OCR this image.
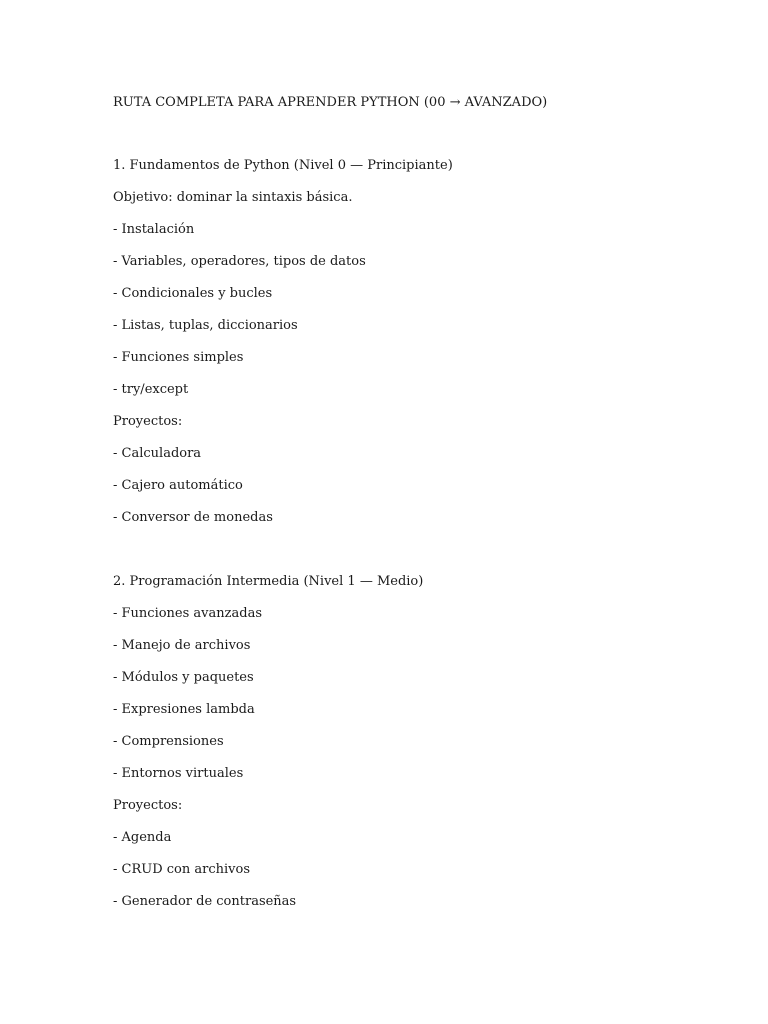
RUTA COMPLETA PARA APRENDER PYTHON (00 → AVANZADO)

1. Fundamentos de Python (Nivel 0 — Principiante)

Objetivo: dominar la sintaxis básica.

- Instalación

- Variables, operadores, tipos de datos

- Condicionales y bucles

- Listas, tuplas, diccionarios

- Funciones simples

- try/except

Proyectos:

- Calculadora

- Cajero automático

- Conversor de monedas

2. Programación Intermedia (Nivel 1 — Medio)

- Funciones avanzadas

- Manejo de archivos

- Módulos y paquetes

- Expresiones lambda

- Comprensiones

- Entornos virtuales

Proyectos:

- Agenda

- CRUD con archivos

- Generador de contraseñas
